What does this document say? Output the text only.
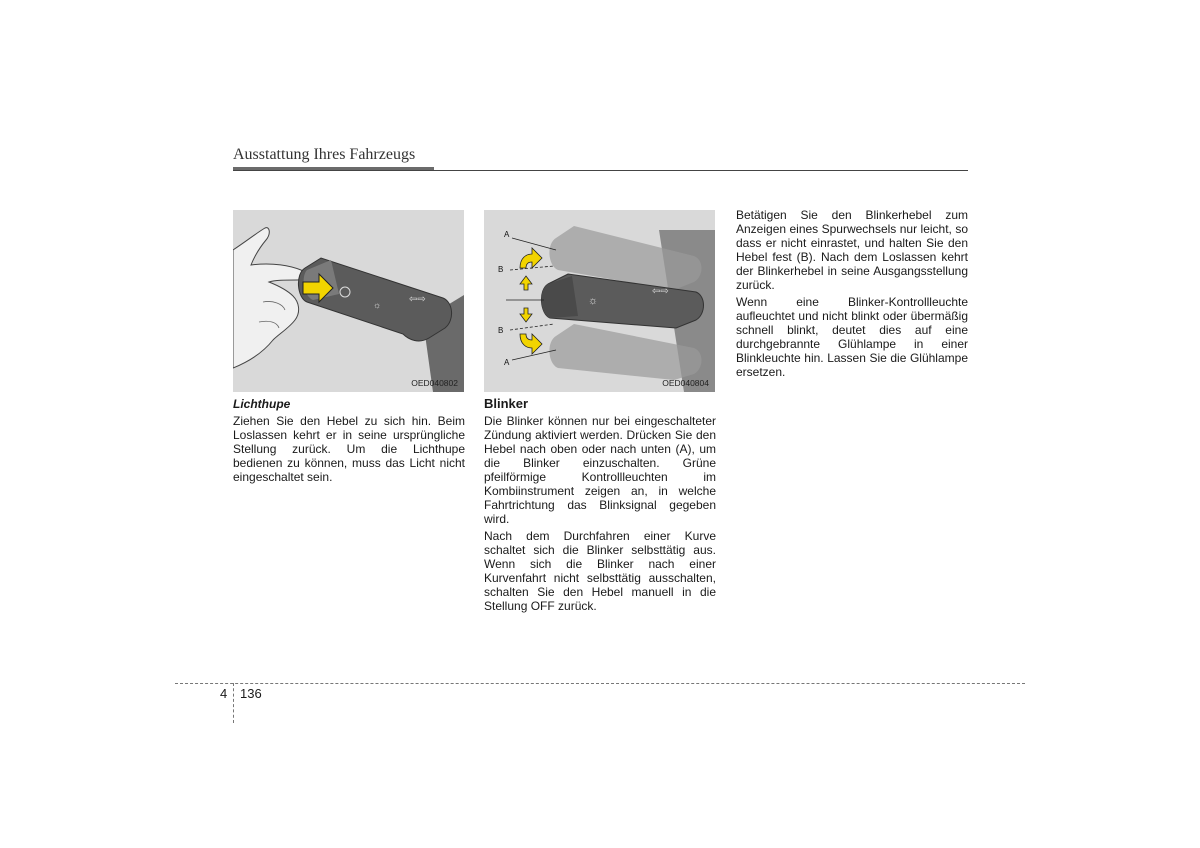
Ausstattung Ihres Fahrzeugs
☼	⇦⇨
OED040802
☼
⇦⇨
A
B
B
A
OED040804

Lichthupe

Ziehen Sie den Hebel zu sich hin. Beim Loslassen kehrt er in seine ursprüngliche Stellung zurück. Um die Lichthupe bedienen zu können, muss das Licht nicht eingeschaltet sein.

Blinker

Die Blinker können nur bei eingeschalteter Zündung aktiviert werden. Drücken Sie den Hebel nach oben oder nach unten (A), um die Blinker einzuschalten. Grüne pfeilförmige Kontrollleuchten im Kombiinstrument zeigen an, in welche Fahrtrichtung das Blinksignal gegeben wird.

Nach dem Durchfahren einer Kurve schaltet sich die Blinker selbsttätig aus. Wenn sich die Blinker nach einer Kurvenfahrt nicht selbsttätig ausschalten, schalten Sie den Hebel manuell in die Stellung OFF zurück.

Betätigen Sie den Blinkerhebel zum Anzeigen eines Spurwechsels nur leicht, so dass er nicht einrastet, und halten Sie den Hebel fest (B). Nach dem Loslassen kehrt der Blinkerhebel in seine Ausgangsstellung zurück.

Wenn eine Blinker-Kontrollleuchte aufleuchtet und nicht blinkt oder übermäßig schnell blinkt, deutet dies auf eine durchgebrannte Glühlampe in einer Blinkleuchte hin. Lassen Sie die Glühlampe ersetzen.

4 136
